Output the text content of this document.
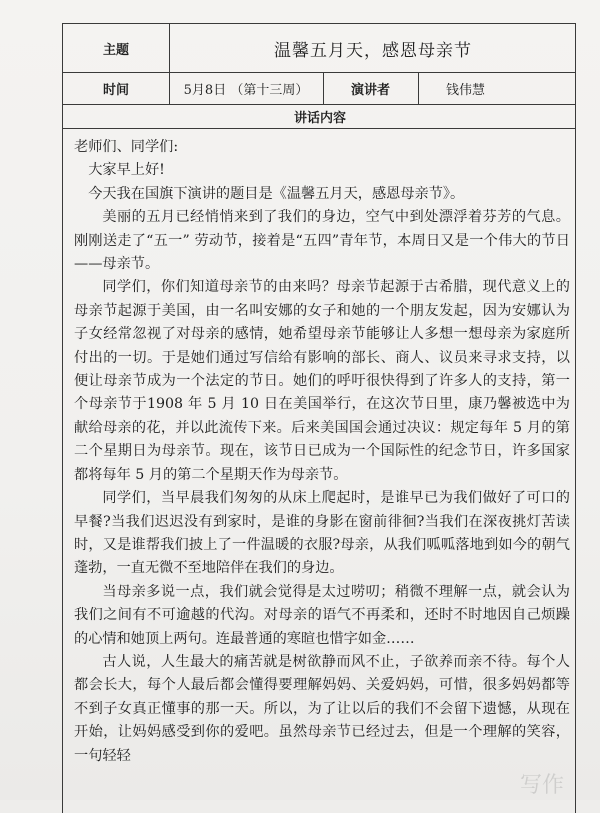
主题	温馨五月天，感恩母亲节
时间	5月8日 （第十三周）	演讲者	钱伟慧
讲话内容

老师们、同学们:

大家早上好!

今天我在国旗下演讲的题目是《温馨五月天，感恩母亲节》。

美丽的五月已经悄悄来到了我们的身边，空气中到处漂浮着芬芳的气息。刚刚送走了“五一” 劳动节，接着是“五四”青年节，本周日又是一个伟大的节日——母亲节。

同学们，你们知道母亲节的由来吗？母亲节起源于古希腊，现代意义上的母亲节起源于美国，由一名叫安娜的女子和她的一个朋友发起，因为安娜认为子女经常忽视了对母亲的感情，她希望母亲节能够让人多想一想母亲为家庭所付出的一切。于是她们通过写信给有影响的部长、商人、议员来寻求支持，以便让母亲节成为一个法定的节日。她们的呼吁很快得到了许多人的支持，第一个母亲节于1908 年 5 月 10 日在美国举行，在这次节日里，康乃馨被选中为献给母亲的花，并以此流传下来。后来美国国会通过决议：规定每年 5 月的第二个星期日为母亲节。现在，该节日已成为一个国际性的纪念节日，许多国家都将每年 5 月的第二个星期天作为母亲节。

同学们，当早晨我们匆匆的从床上爬起时，是谁早已为我们做好了可口的早餐?当我们迟迟没有到家时，是谁的身影在窗前徘徊?当我们在深夜挑灯苦读时，又是谁帮我们披上了一件温暖的衣服?母亲，从我们呱呱落地到如今的朝气蓬勃，一直无微不至地陪伴在我们的身边。

当母亲多说一点，我们就会觉得是太过唠叨；稍微不理解一点，就会认为我们之间有不可逾越的代沟。对母亲的语气不再柔和，还时不时地因自己烦躁的心情和她顶上两句。连最普通的寒暄也惜字如金……

古人说，人生最大的痛苦就是树欲静而风不止，子欲养而亲不待。每个人都会长大，每个人最后都会懂得要理解妈妈、关爱妈妈，可惜，很多妈妈都等不到子女真正懂事的那一天。所以，为了让以后的我们不会留下遗憾，从现在开始，让妈妈感受到你的爱吧。虽然母亲节已经过去，但是一个理解的笑容，一句轻轻

写作
